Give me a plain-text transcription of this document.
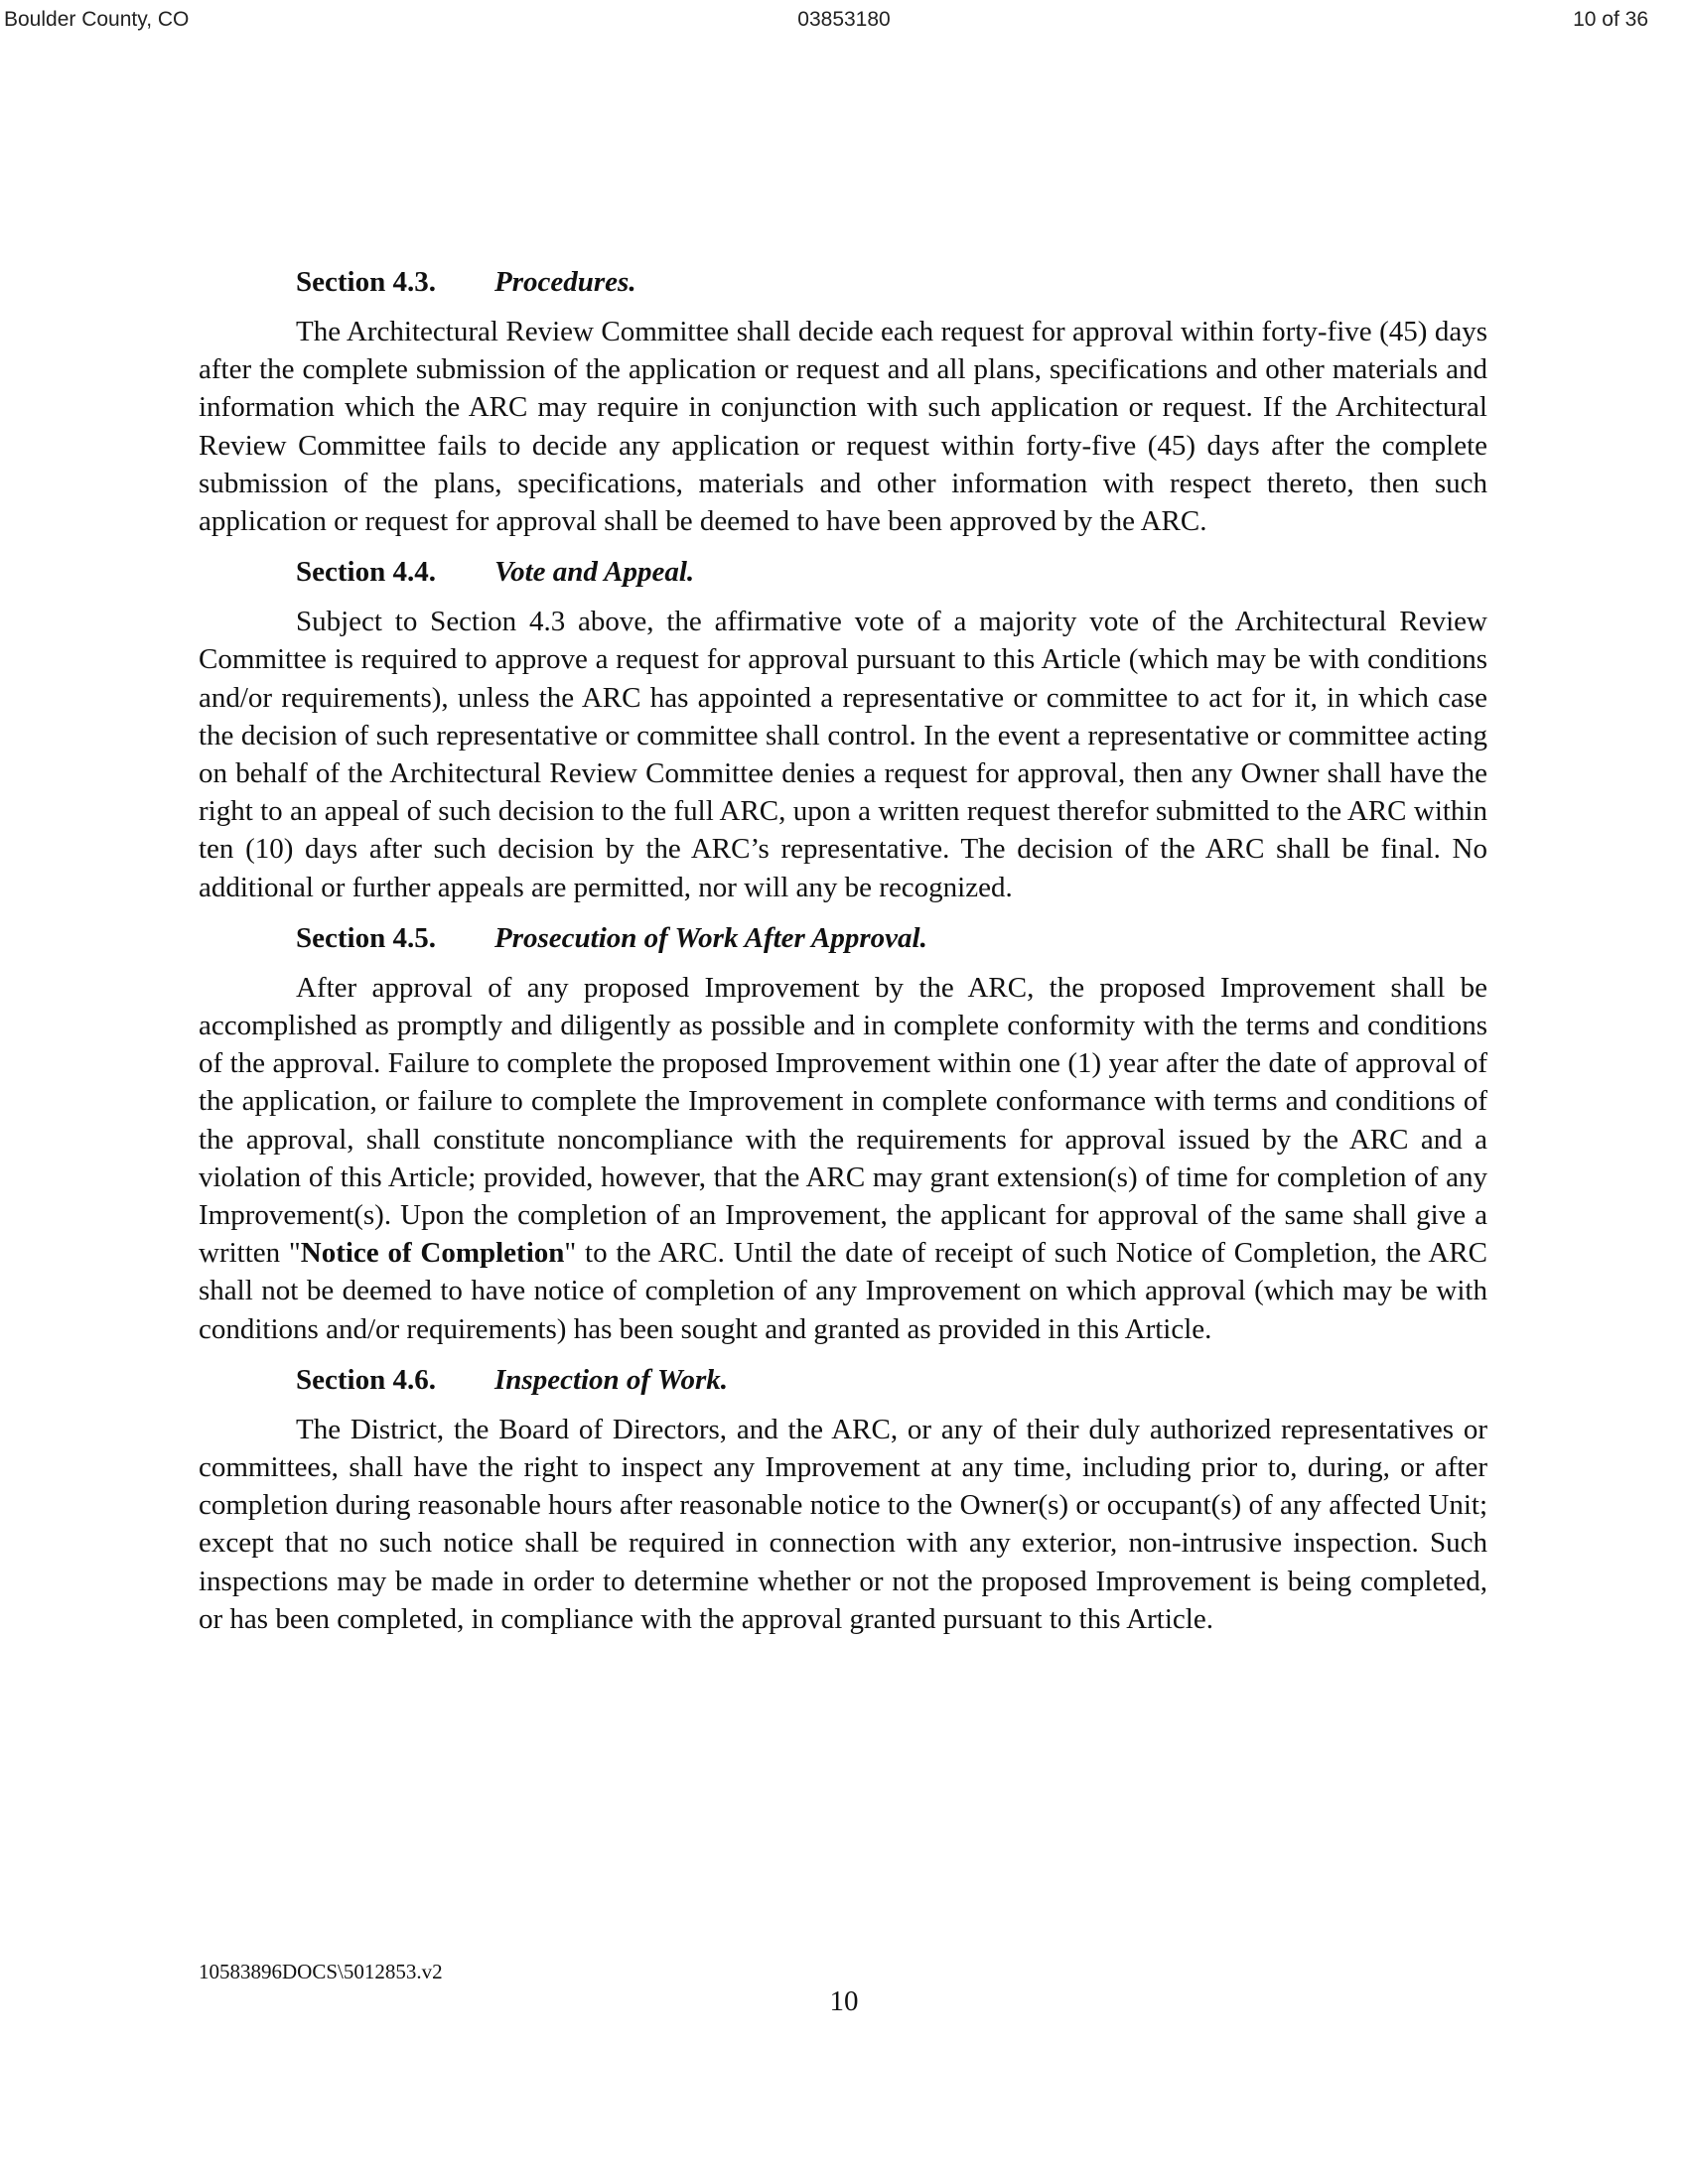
Boulder County, CO	03853180	10 of 36
Section 4.3. Procedures.

The Architectural Review Committee shall decide each request for approval within forty-five (45) days after the complete submission of the application or request and all plans, specifications and other materials and information which the ARC may require in conjunction with such application or request. If the Architectural Review Committee fails to decide any application or request within forty-five (45) days after the complete submission of the plans, specifications, materials and other information with respect thereto, then such application or request for approval shall be deemed to have been approved by the ARC.

Section 4.4. Vote and Appeal.

Subject to Section 4.3 above, the affirmative vote of a majority vote of the Architectural Review Committee is required to approve a request for approval pursuant to this Article (which may be with conditions and/or requirements), unless the ARC has appointed a representative or committee to act for it, in which case the decision of such representative or committee shall control. In the event a representative or committee acting on behalf of the Architectural Review Committee denies a request for approval, then any Owner shall have the right to an appeal of such decision to the full ARC, upon a written request therefor submitted to the ARC within ten (10) days after such decision by the ARC’s representative. The decision of the ARC shall be final. No additional or further appeals are permitted, nor will any be recognized.

Section 4.5. Prosecution of Work After Approval.

After approval of any proposed Improvement by the ARC, the proposed Improvement shall be accomplished as promptly and diligently as possible and in complete conformity with the terms and conditions of the approval. Failure to complete the proposed Improvement within one (1) year after the date of approval of the application, or failure to complete the Improvement in complete conformance with terms and conditions of the approval, shall constitute noncompliance with the requirements for approval issued by the ARC and a violation of this Article; provided, however, that the ARC may grant extension(s) of time for completion of any Improvement(s). Upon the completion of an Improvement, the applicant for approval of the same shall give a written "Notice of Completion" to the ARC. Until the date of receipt of such Notice of Completion, the ARC shall not be deemed to have notice of completion of any Improvement on which approval (which may be with conditions and/or requirements) has been sought and granted as provided in this Article.

Section 4.6. Inspection of Work.

The District, the Board of Directors, and the ARC, or any of their duly authorized representatives or committees, shall have the right to inspect any Improvement at any time, including prior to, during, or after completion during reasonable hours after reasonable notice to the Owner(s) or occupant(s) of any affected Unit; except that no such notice shall be required in connection with any exterior, non-intrusive inspection. Such inspections may be made in order to determine whether or not the proposed Improvement is being completed, or has been completed, in compliance with the approval granted pursuant to this Article.

10583896DOCS\5012853.v2
10
